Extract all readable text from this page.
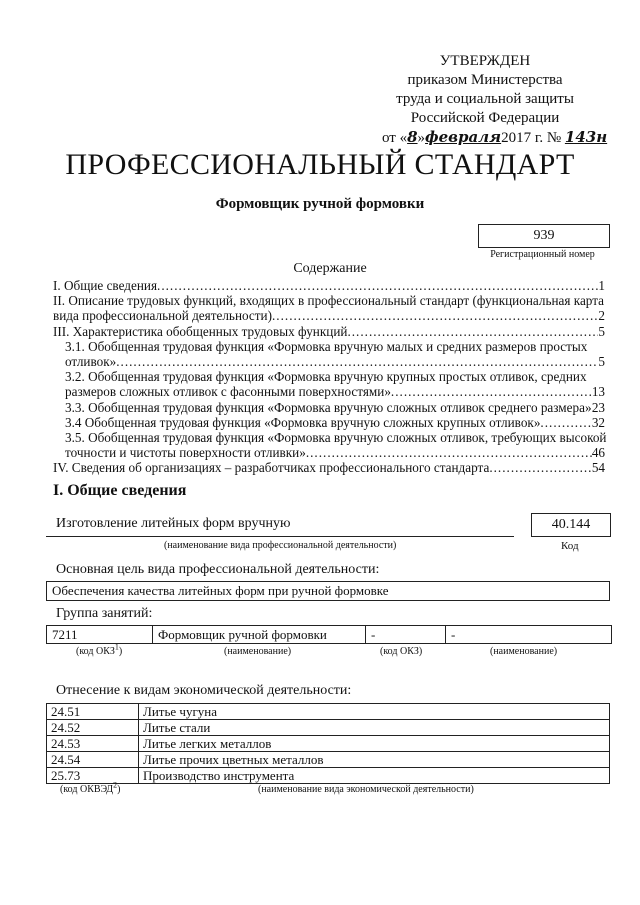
УТВЕРЖДЕН
приказом Министерства
труда и социальной защиты
Российской Федерации
от «8»февраля2017 г. № 143н
ПРОФЕССИОНАЛЬНЫЙ СТАНДАРТ
Формовщик ручной формовки
939
Регистрационный номер
Содержание
I. Общие сведения .....	1
II. Описание трудовых функций, входящих в профессиональный стандарт (функциональная карта
вида профессиональной деятельности) .....	2
III. Характеристика обобщенных трудовых функций .....	5
3.1. Обобщенная трудовая функция «Формовка вручную малых и средних размеров простых
отливок» .....	5
3.2. Обобщенная трудовая функция «Формовка вручную крупных простых отливок, средних
размеров сложных отливок с фасонными поверхностями» .....	13
3.3. Обобщенная трудовая функция «Формовка вручную сложных отливок среднего размера» ..... 23
3.4 Обобщенная трудовая функция «Формовка вручную сложных крупных отливок» .....	32
3.5. Обобщенная трудовая функция «Формовка вручную сложных отливок, требующих высокой
точности и чистоты поверхности отливки» .....	46
IV. Сведения об организациях – разработчиках профессионального стандарта .....	54
I. Общие сведения
Изготовление литейных форм вручную
(наименование вида профессиональной деятельности)
40.144
Код
Основная цель вида профессиональной деятельности:
Обеспечения качества литейных форм при ручной формовке
Группа занятий:
7211	Формовщик ручной формовки	-	-
(код ОКЗ$^1$)	(наименование)	(код ОКЗ)	(наименование)
Отнесение к видам экономической деятельности:
24.51	Литье чугуна
24.52	Литье стали
24.53	Литье легких металлов
24.54	Литье прочих цветных металлов
25.73	Производство инструмента
(код ОКВЭД$^2$)	(наименование вида экономической деятельности)
